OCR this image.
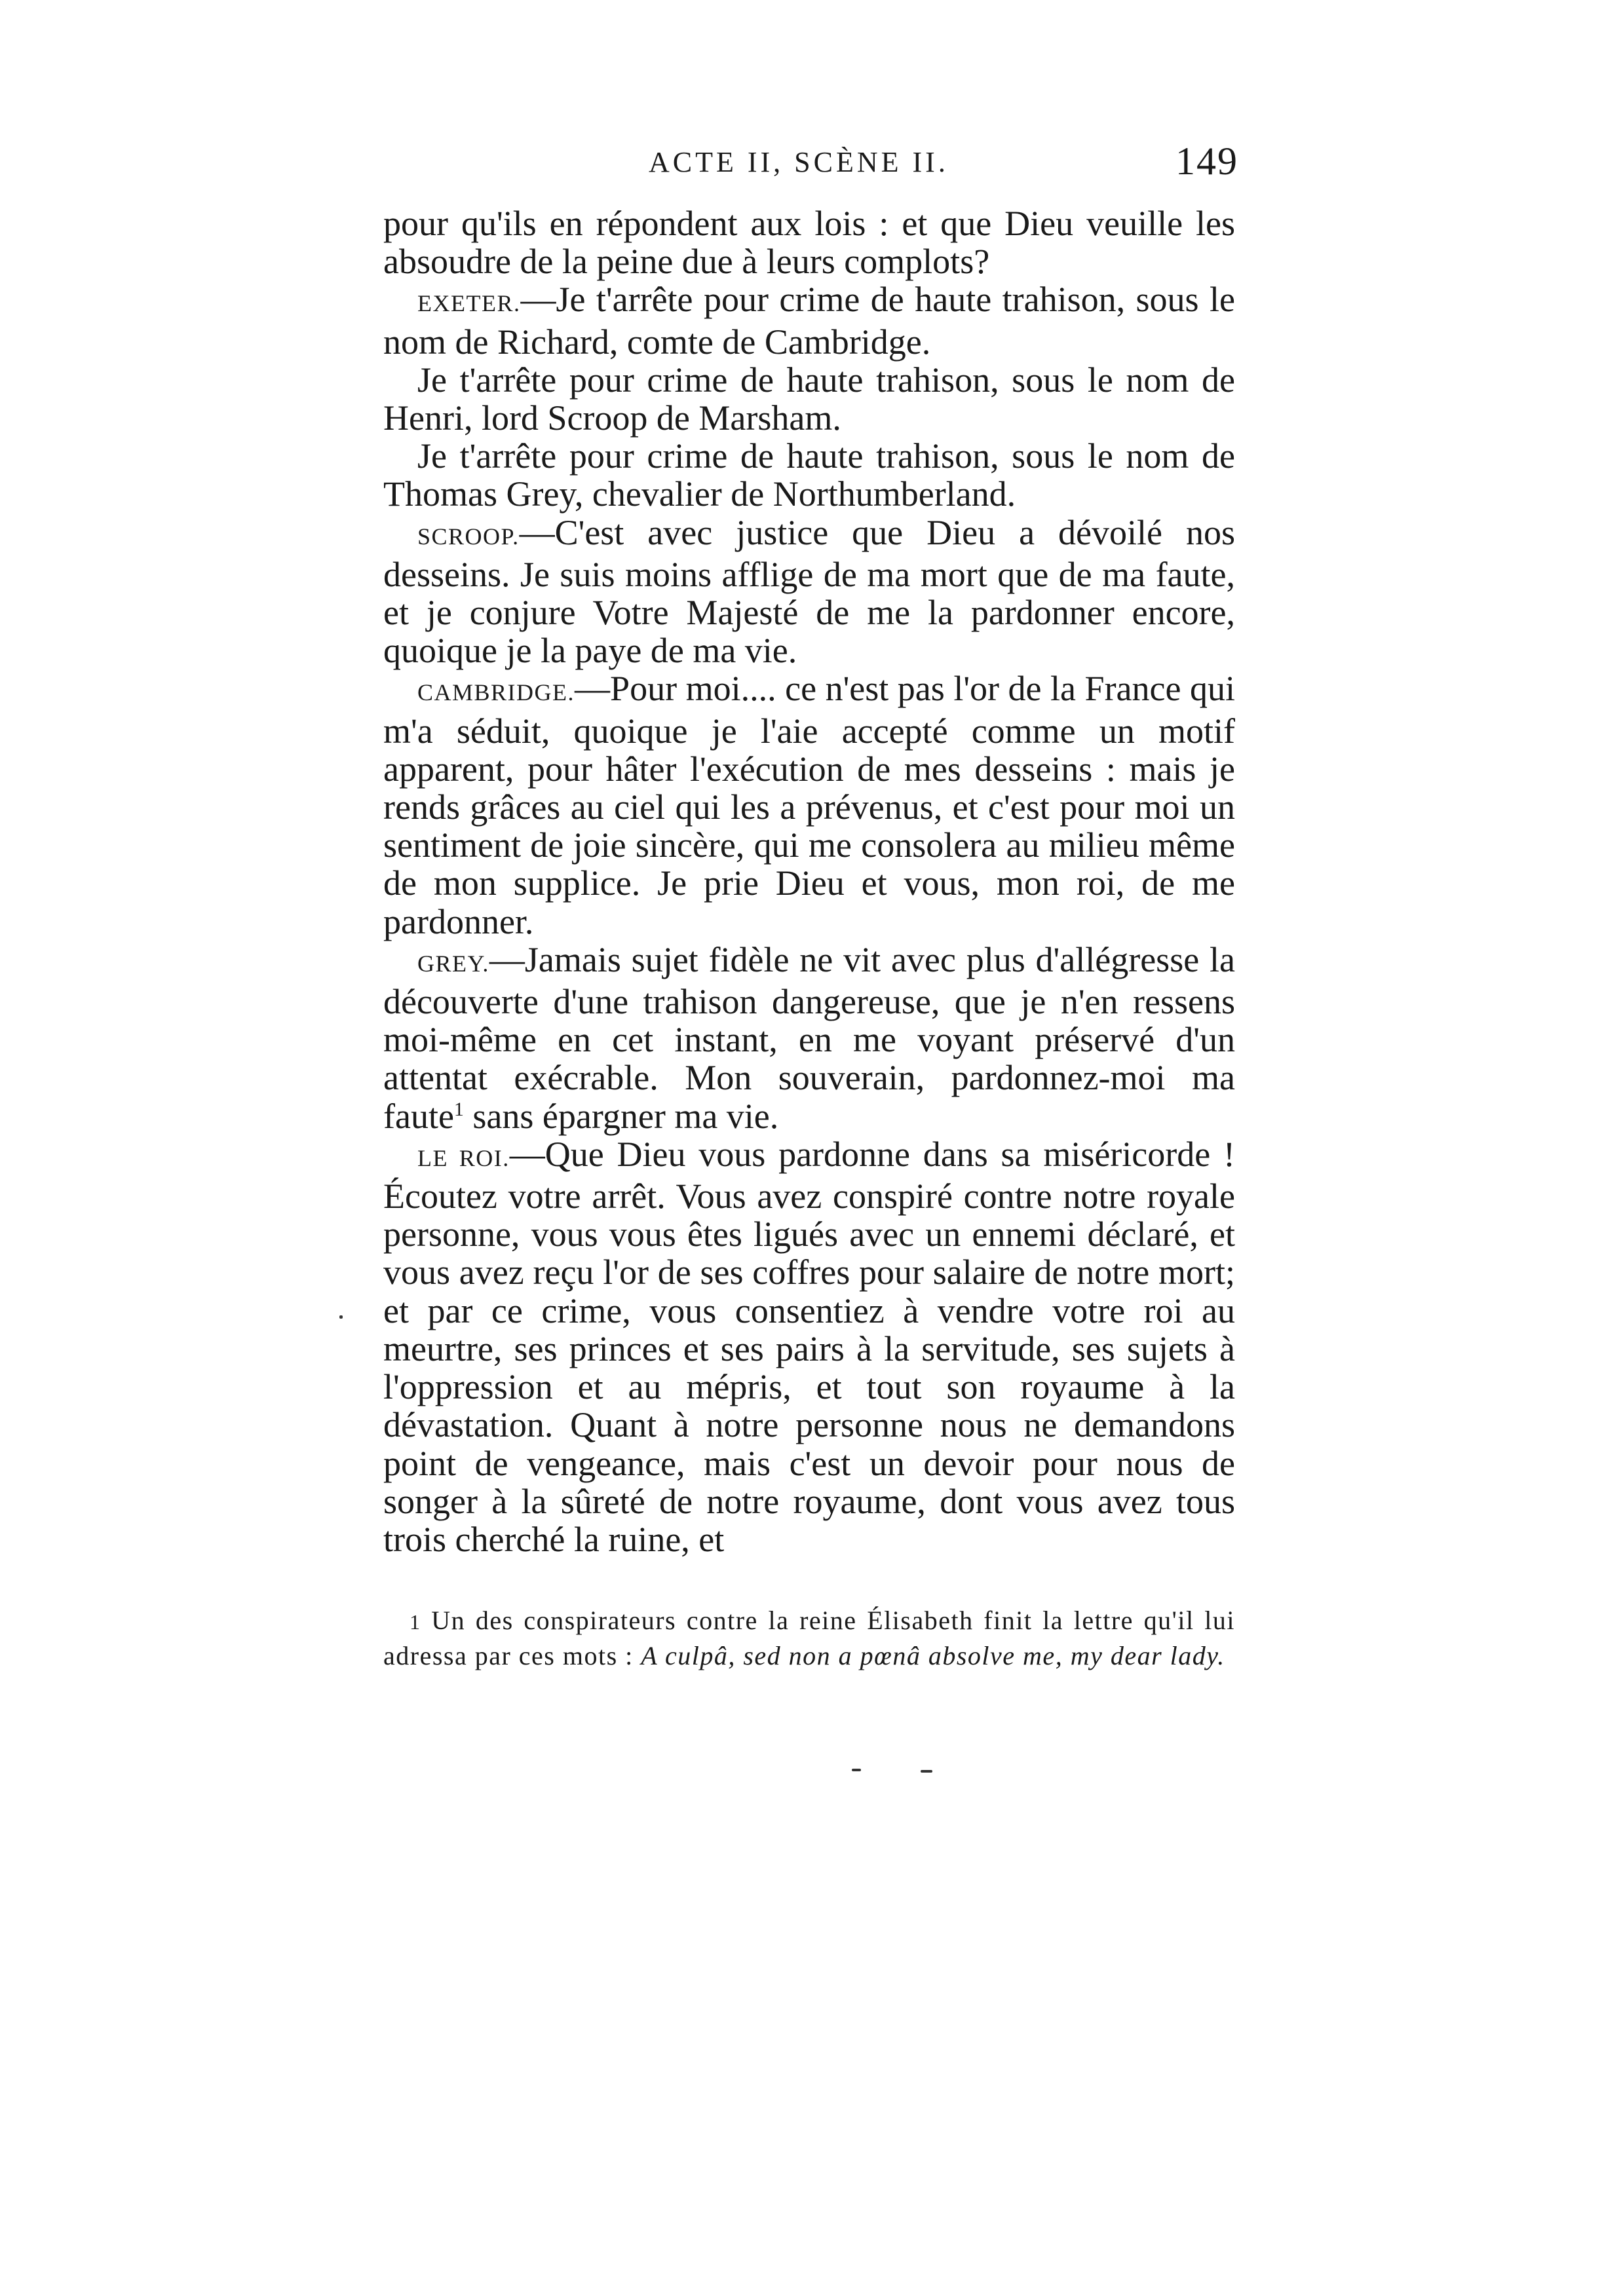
ACTE II, SCÈNE II.	149

pour qu'ils en répondent aux lois : et que Dieu veuille les absoudre de la peine due à leurs complots?

EXETER.—Je t'arrête pour crime de haute trahison, sous le nom de Richard, comte de Cambridge.

Je t'arrête pour crime de haute trahison, sous le nom de Henri, lord Scroop de Marsham.

Je t'arrête pour crime de haute trahison, sous le nom de Thomas Grey, chevalier de Northumberland.

SCROOP.—C'est avec justice que Dieu a dévoilé nos desseins. Je suis moins afflige de ma mort que de ma faute, et je conjure Votre Majesté de me la pardonner encore, quoique je la paye de ma vie.

CAMBRIDGE.—Pour moi.... ce n'est pas l'or de la France qui m'a séduit, quoique je l'aie accepté comme un motif apparent, pour hâter l'exécution de mes desseins : mais je rends grâces au ciel qui les a prévenus, et c'est pour moi un sentiment de joie sincère, qui me consolera au milieu même de mon supplice. Je prie Dieu et vous, mon roi, de me pardonner.

GREY.—Jamais sujet fidèle ne vit avec plus d'allégresse la découverte d'une trahison dangereuse, que je n'en ressens moi-même en cet instant, en me voyant préservé d'un attentat exécrable. Mon souverain, pardonnez-moi ma faute$^1$ sans épargner ma vie.

LE ROI.—Que Dieu vous pardonne dans sa miséricorde ! Écoutez votre arrêt. Vous avez conspiré contre notre royale personne, vous vous êtes ligués avec un ennemi déclaré, et vous avez reçu l'or de ses coffres pour salaire de notre mort; et par ce crime, vous consentiez à vendre votre roi au meurtre, ses princes et ses pairs à la servitude, ses sujets à l'oppression et au mépris, et tout son royaume à la dévastation. Quant à notre personne nous ne demandons point de vengeance, mais c'est un devoir pour nous de songer à la sûreté de notre royaume, dont vous avez tous trois cherché la ruine, et

1 Un des conspirateurs contre la reine Élisabeth finit la lettre qu'il lui adressa par ces mots : A culpâ, sed non a pœnâ absolve me, my dear lady.
